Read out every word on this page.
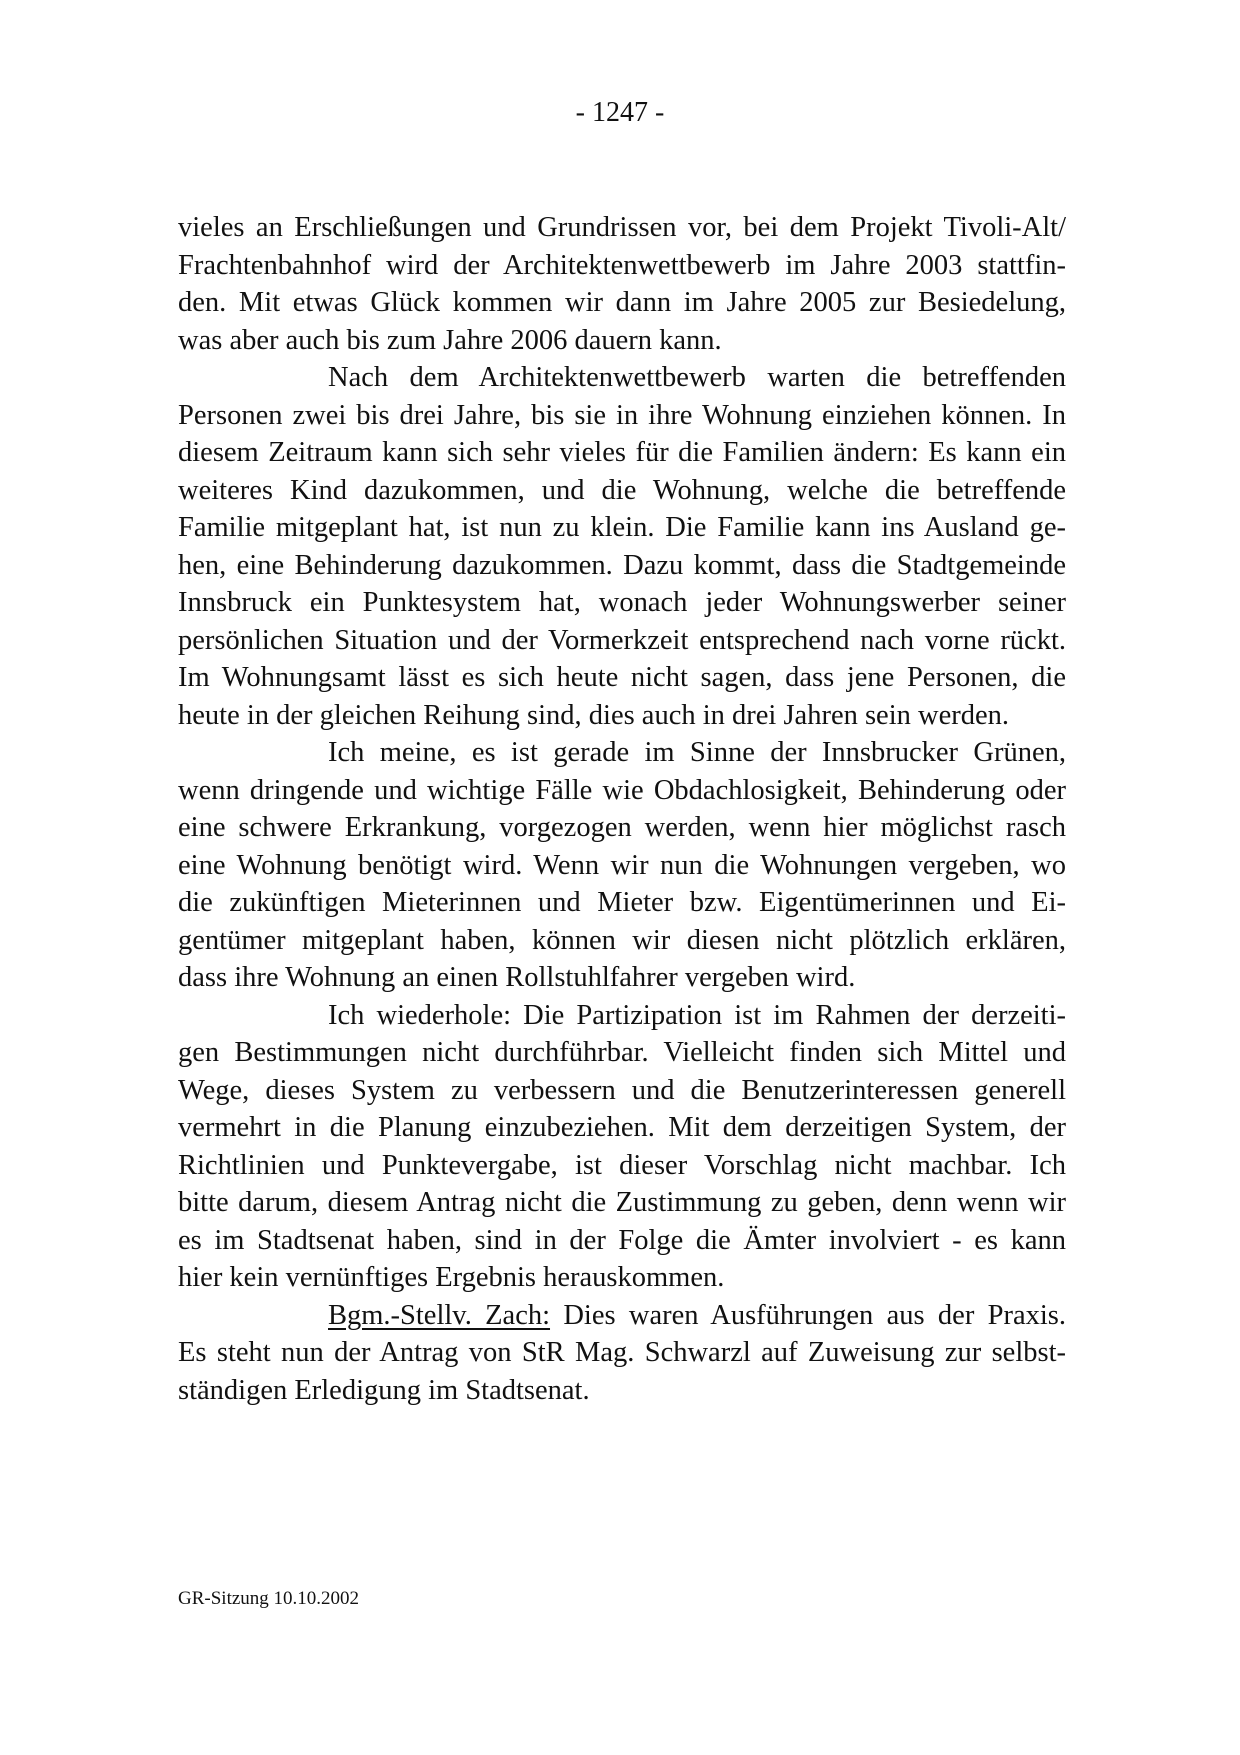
- 1247 -
vieles an Erschließungen und Grundrissen vor, bei dem Projekt Tivoli-Alt/
Frachtenbahnhof wird der Architektenwettbewerb im Jahre 2003 stattfin-
den. Mit etwas Glück kommen wir dann im Jahre 2005 zur Besiedelung,
was aber auch bis zum Jahre 2006 dauern kann.
Nach dem Architektenwettbewerb warten die betreffenden
Personen zwei bis drei Jahre, bis sie in ihre Wohnung einziehen können. In
diesem Zeitraum kann sich sehr vieles für die Familien ändern: Es kann ein
weiteres Kind dazukommen, und die Wohnung, welche die betreffende
Familie mitgeplant hat, ist nun zu klein. Die Familie kann ins Ausland ge-
hen, eine Behinderung dazukommen. Dazu kommt, dass die Stadtgemeinde
Innsbruck ein Punktesystem hat, wonach jeder Wohnungswerber seiner
persönlichen Situation und der Vormerkzeit entsprechend nach vorne rückt.
Im Wohnungsamt lässt es sich heute nicht sagen, dass jene Personen, die
heute in der gleichen Reihung sind, dies auch in drei Jahren sein werden.
Ich meine, es ist gerade im Sinne der Innsbrucker Grünen,
wenn dringende und wichtige Fälle wie Obdachlosigkeit, Behinderung oder
eine schwere Erkrankung, vorgezogen werden, wenn hier möglichst rasch
eine Wohnung benötigt wird. Wenn wir nun die Wohnungen vergeben, wo
die zukünftigen Mieterinnen und Mieter bzw. Eigentümerinnen und Ei-
gentümer mitgeplant haben, können wir diesen nicht plötzlich erklären,
dass ihre Wohnung an einen Rollstuhlfahrer vergeben wird.
Ich wiederhole: Die Partizipation ist im Rahmen der derzeiti-
gen Bestimmungen nicht durchführbar. Vielleicht finden sich Mittel und
Wege, dieses System zu verbessern und die Benutzerinteressen generell
vermehrt in die Planung einzubeziehen. Mit dem derzeitigen System, der
Richtlinien und Punktevergabe, ist dieser Vorschlag nicht machbar. Ich
bitte darum, diesem Antrag nicht die Zustimmung zu geben, denn wenn wir
es im Stadtsenat haben, sind in der Folge die Ämter involviert - es kann
hier kein vernünftiges Ergebnis herauskommen.
Bgm.-Stellv. Zach: Dies waren Ausführungen aus der Praxis.
Es steht nun der Antrag von StR Mag. Schwarzl auf Zuweisung zur selbst-
ständigen Erledigung im Stadtsenat.
GR-Sitzung 10.10.2002
